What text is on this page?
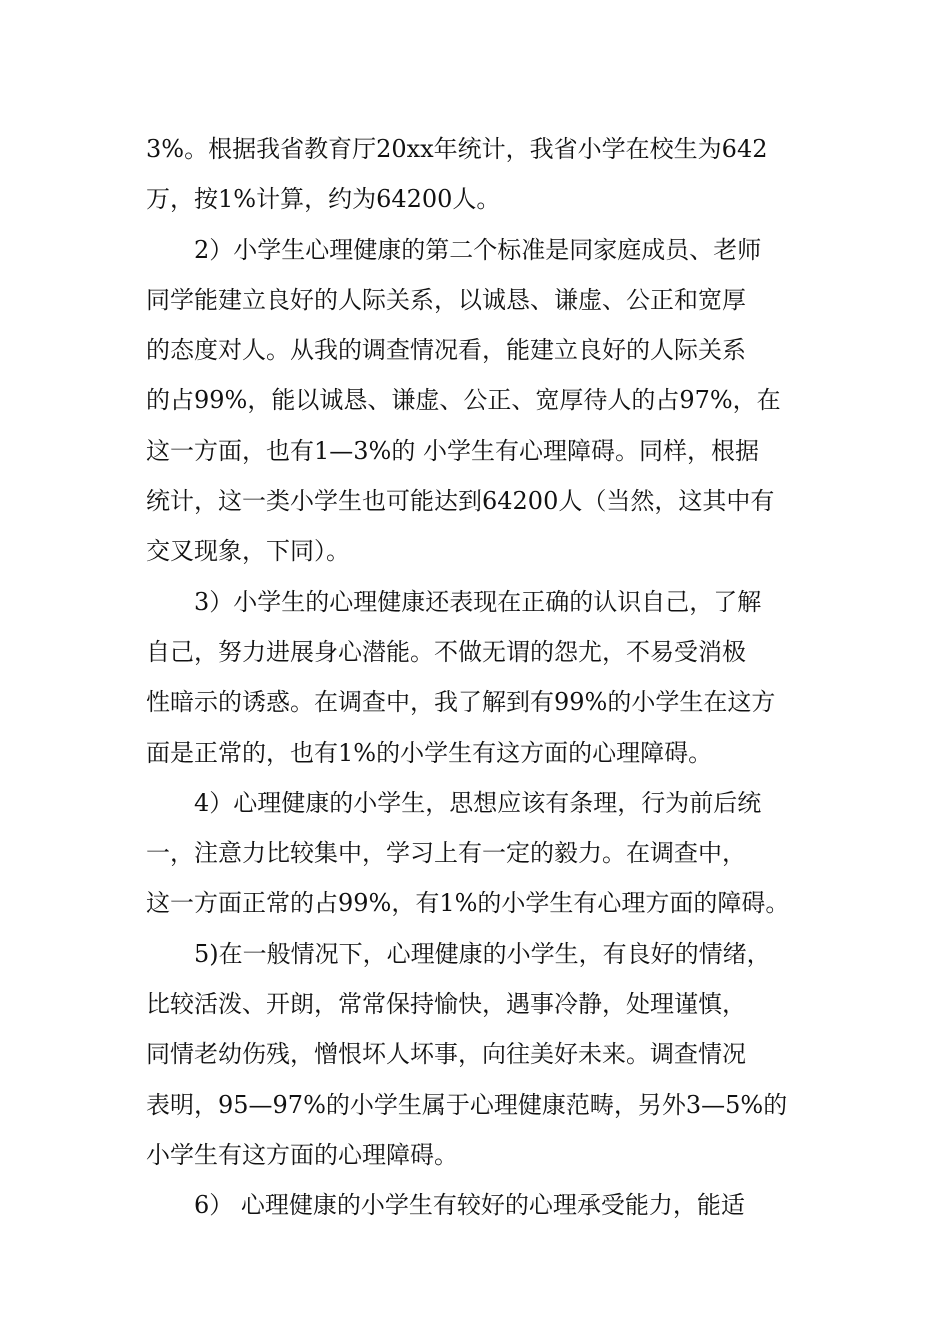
3%。根据我省教育厅20xx年统计，我省小学在校生为642
万，按1%计算，约为64200人。

2）小学生心理健康的第二个标准是同家庭成员、老师
同学能建立良好的人际关系，以诚恳、谦虚、公正和宽厚
的态度对人。从我的调查情况看，能建立良好的人际关系
的占99%，能以诚恳、谦虚、公正、宽厚待人的占97%，在
这一方面，也有1—3%的 小学生有心理障碍。同样，根据
统计，这一类小学生也可能达到64200人（当然，这其中有
交叉现象，下同）。

3）小学生的心理健康还表现在正确的认识自己，了解
自己，努力进展身心潜能。不做无谓的怨尤，不易受消极
性暗示的诱惑。在调查中，我了解到有99%的小学生在这方
面是正常的，也有1%的小学生有这方面的心理障碍。

4）心理健康的小学生，思想应该有条理，行为前后统
一，注意力比较集中，学习上有一定的毅力。在调查中，
这一方面正常的占99%，有1%的小学生有心理方面的障碍。

5)在一般情况下，心理健康的小学生，有良好的情绪，
比较活泼、开朗，常常保持愉快，遇事冷静，处理谨慎，
同情老幼伤残，憎恨坏人坏事，向往美好未来。调查情况
表明，95—97%的小学生属于心理健康范畴，另外3—5%的
小学生有这方面的心理障碍。

6） 心理健康的小学生有较好的心理承受能力，能适
